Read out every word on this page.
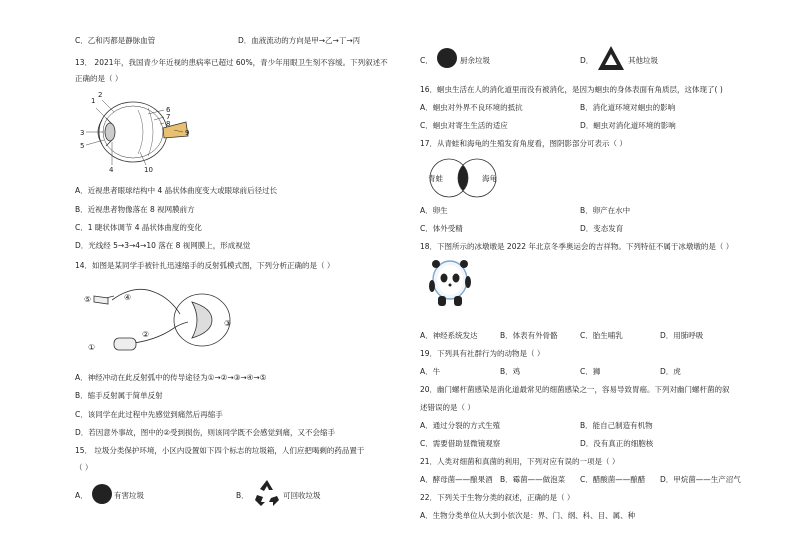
C．乙和丙都是静脉血管	D．血液流动的方向是甲→乙→丁→丙
13． 2021年，我国青少年近视的患病率已超过 60%，青少年用眼卫生刻不容缓。下列叙述不
正确的是（ ）
1
2
3
5
4
6
7
8
9
10
A．近视患者眼球结构中 4 晶状体曲度变大或眼球前后径过长
B．近视患者物像落在 8 视网膜前方
C．1 睫状体调节 4 晶状体曲度的变化
D．光线经 5→3→4→10 落在 8 视网膜上，形成视觉
14．如图是某同学手被针扎迅速缩手的反射弧模式图，下列分析正确的是（ ）
⑤	④
①
②
③
A．神经冲动在此反射弧中的传导途径为①→②→③→④→⑤
B．缩手反射属于简单反射
C．该同学在此过程中先感觉到痛然后再缩手
D．若因意外事故，图中的②受到损伤，则该同学既不会感觉到痛，又不会缩手
15． 垃圾分类保护环境，小区内设置如下四个标志的垃圾箱，人们应把喝剩的药品置于
（ ）
A．	有害垃圾	B．	可回收垃圾
C．	厨余垃圾	D．	其他垃圾
16．蛔虫生活在人的消化道里而没有被消化，是因为蛔虫的身体表面有角质层，这体现了( )
A．蛔虫对外界不良环境的抵抗	B．消化道环境对蛔虫的影响
C．蛔虫对寄生生活的适应	D．蛔虫对消化道环境的影响
17．从青蛙和海龟的生殖发育角度看，图阴影部分可表示（ ）
青蛙	海龟
A．卵生	B．卵产在水中
C．体外受精	D．变态发育
18．下图所示的冰墩墩是 2022 年北京冬季奥运会的吉祥物。下列特征不属于冰墩墩的是（ ）
A．神经系统发达	B．体表有外骨骼	C．胎生哺乳	D．用肺呼吸
19．下列具有社群行为的动物是（ ）
A．牛	B．鸡	C．狮	D．虎
20．幽门螺杆菌感染是消化道最常见的细菌感染之一，容易导致胃癌。下列对幽门螺杆菌的叙
述错误的是（ ）
A．通过分裂的方式生殖	B．能自己制造有机物
C．需要借助显微镜观察	D．没有真正的细胞核
21．人类对细菌和真菌的利用，下列对应有误的一项是（ ）
A．酵母菌——酿果酒 B．霉菌——做泡菜 C．醋酸菌——酿醋 D．甲烷菌——生产沼气
22．下列关于生物分类的叙述，正确的是（ ）
A．生物分类单位从大到小依次是：界、门、纲、科、目、属、种
